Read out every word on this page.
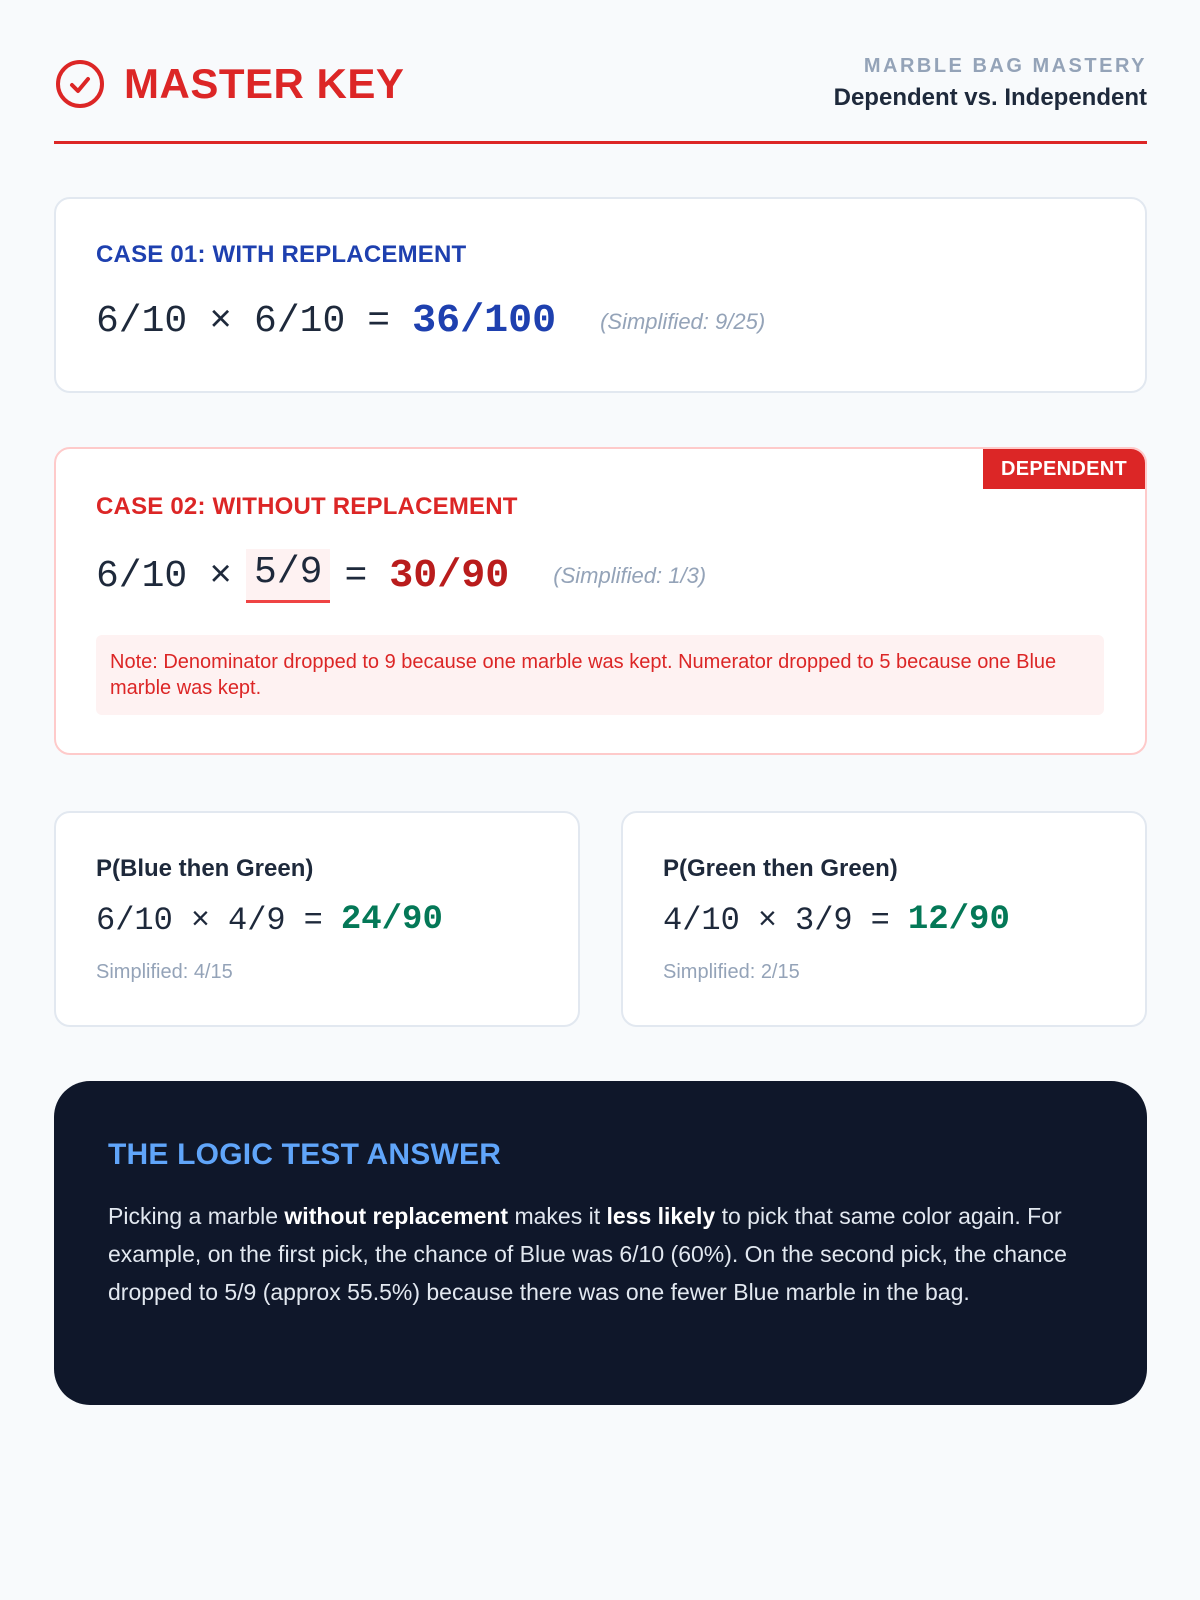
MASTER KEY	MARBLE BAG MASTERY
Dependent vs. Independent
CASE 01: WITH REPLACEMENT
6/10 × 6/10 = 36/100 (Simplified: 9/25)
DEPENDENT
CASE 02: WITHOUT REPLACEMENT
6/10 × 5/9 = 30/90 (Simplified: 1/3)
Note: Denominator dropped to 9 because one marble was kept. Numerator dropped to 5 because one Blue marble was kept.
P(Blue then Green)
6/10 × 4/9 = 24/90
Simplified: 4/15
P(Green then Green)
4/10 × 3/9 = 12/90
Simplified: 2/15
THE LOGIC TEST ANSWER
Picking a marble without replacement makes it less likely to pick that same color again. For example, on the first pick, the chance of Blue was 6/10 (60%). On the second pick, the chance dropped to 5/9 (approx 55.5%) because there was one fewer Blue marble in the bag.
